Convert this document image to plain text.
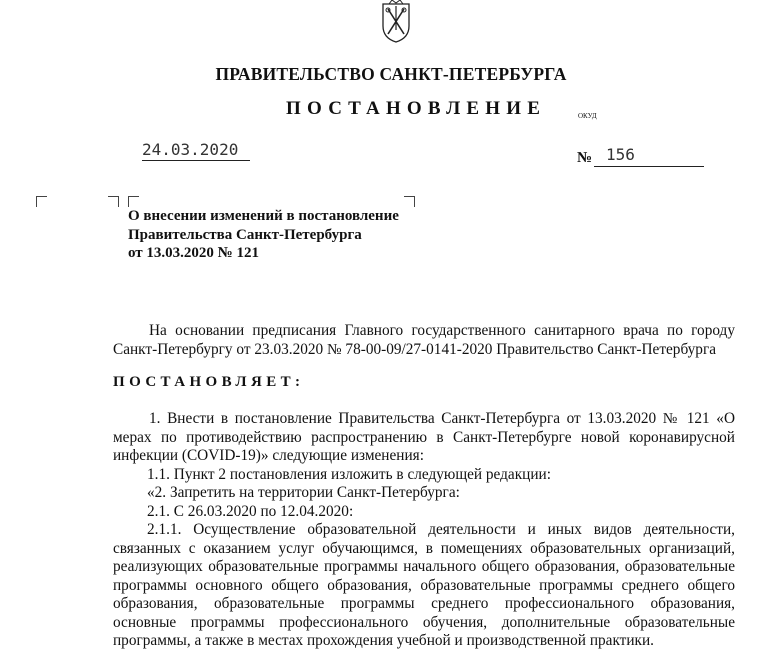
ПРАВИТЕЛЬСТВО САНКТ-ПЕТЕРБУРГА
ПОСТАНОВЛЕНИЕ	ОКУД
24.03.2020	№ 156
О внесении изменений в постановление
Правительства Санкт-Петербурга
от 13.03.2020 № 121

На основании предписания Главного государственного санитарного врача по городу Санкт-Петербургу от 23.03.2020 № 78-00-09/27-0141-2020 Правительство Санкт-Петербурга

ПОСТАНОВЛЯЕТ:

1. Внести в постановление Правительства Санкт-Петербурга от 13.03.2020 № 121 «О мерах по противодействию распространению в Санкт-Петербурге новой коронавирусной инфекции (COVID-19)» следующие изменения:

1.1. Пункт 2 постановления изложить в следующей редакции:

«2. Запретить на территории Санкт-Петербурга:

2.1. С 26.03.2020 по 12.04.2020:

2.1.1. Осуществление образовательной деятельности и иных видов деятельности, связанных с оказанием услуг обучающимся, в помещениях образовательных организаций, реализующих образовательные программы начального общего образования, образовательные программы основного общего образования, образовательные программы среднего общего образования, образовательные программы среднего профессионального образования, основные программы профессионального обучения, дополнительные образовательные программы, а также в местах прохождения учебной и производственной практики.
